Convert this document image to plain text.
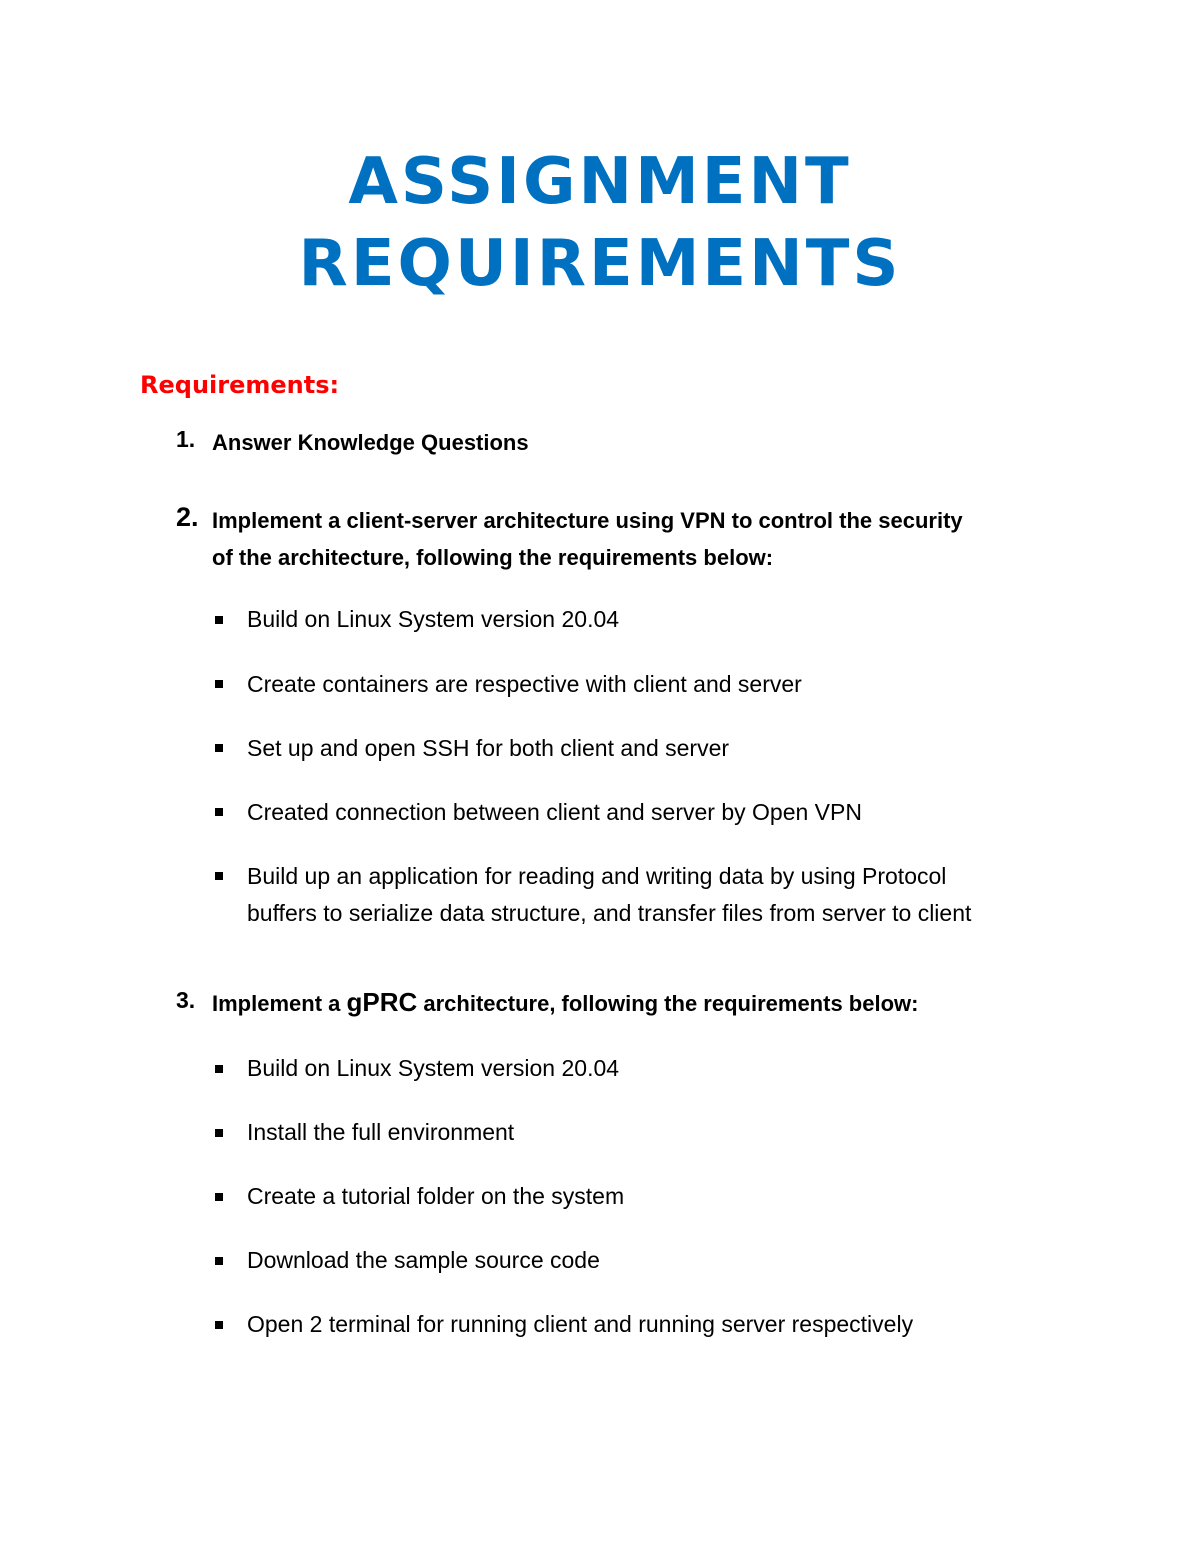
ASSIGNMENT
REQUIREMENTS
Requirements:
1. Answer Knowledge Questions
2. Implement a client-server architecture using VPN to control the security
of the architecture, following the requirements below:
Build on Linux System version 20.04
Create containers are respective with client and server
Set up and open SSH for both client and server
Created connection between client and server by Open VPN
Build up an application for reading and writing data by using Protocol
buffers to serialize data structure, and transfer files from server to client
3. Implement a gPRC architecture, following the requirements below:
Build on Linux System version 20.04
Install the full environment
Create a tutorial folder on the system
Download the sample source code
Open 2 terminal for running client and running server respectively
